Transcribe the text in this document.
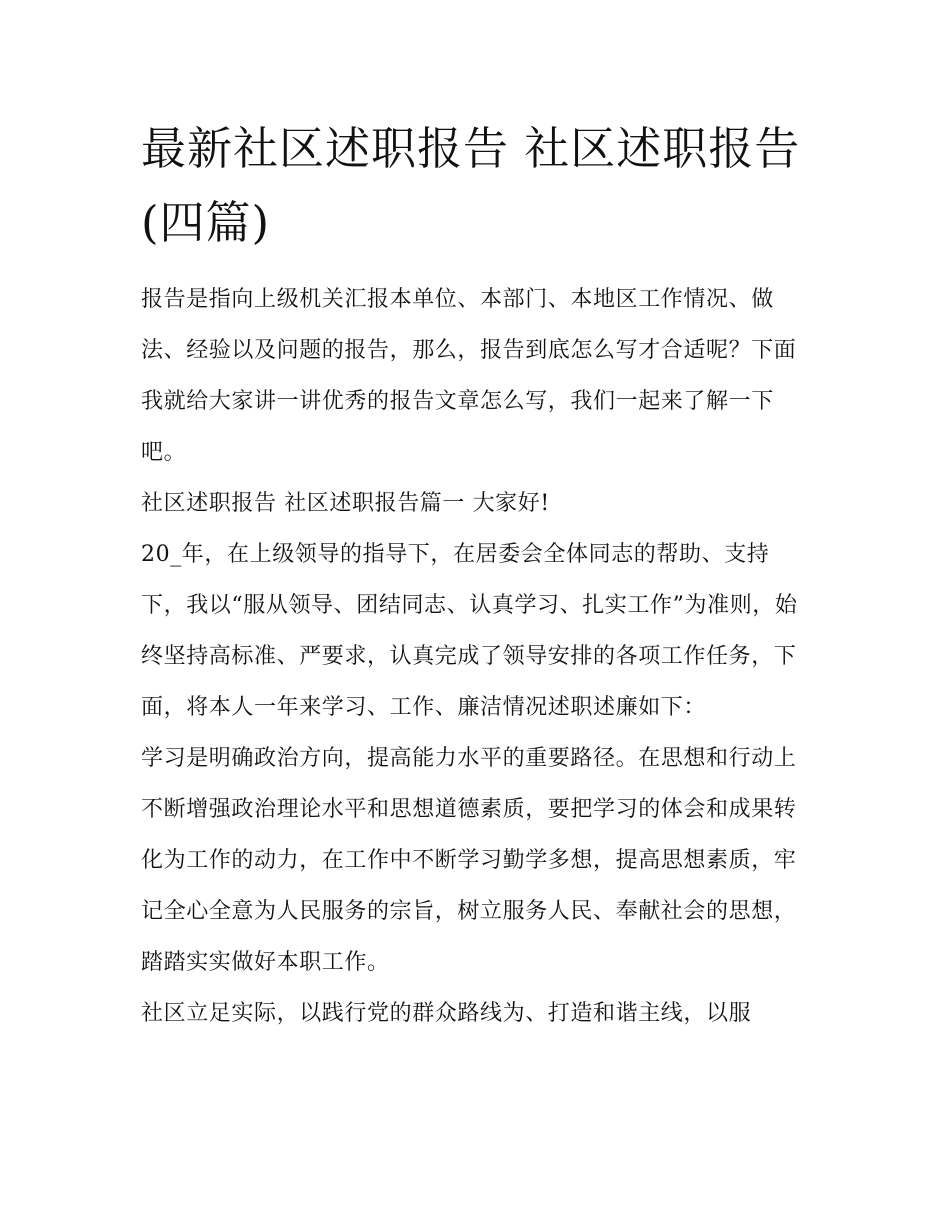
最新社区述职报告 社区述职报告(四篇)

报告是指向上级机关汇报本单位、本部门、本地区工作情况、做法、经验以及问题的报告，那么，报告到底怎么写才合适呢？下面我就给大家讲一讲优秀的报告文章怎么写，我们一起来了解一下吧。

社区述职报告 社区述职报告篇一 大家好!

20_年，在上级领导的指导下，在居委会全体同志的帮助、支持下，我以“服从领导、团结同志、认真学习、扎实工作”为准则，始终坚持高标准、严要求，认真完成了领导安排的各项工作任务，下面，将本人一年来学习、工作、廉洁情况述职述廉如下：

学习是明确政治方向，提高能力水平的重要路径。在思想和行动上不断增强政治理论水平和思想道德素质，要把学习的体会和成果转化为工作的动力，在工作中不断学习勤学多想，提高思想素质，牢记全心全意为人民服务的宗旨，树立服务人民、奉献社会的思想，踏踏实实做好本职工作。

社区立足实际，以践行党的群众路线为、打造和谐主线，以服
